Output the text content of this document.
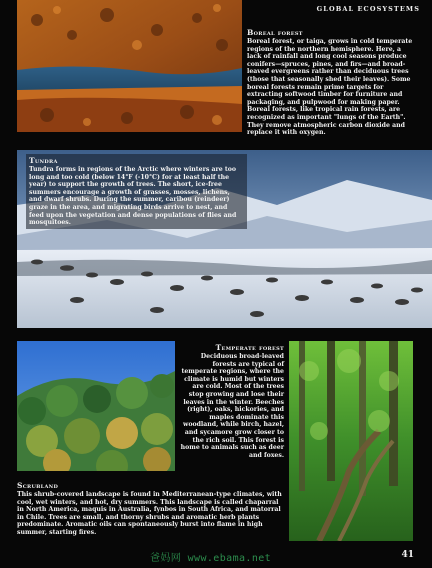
GLOBAL ECOSYSTEMS

Boreal forest

Boreal forest, or taiga, grows in cold temperate regions of the northern hemisphere. Here, a lack of rainfall and long cool seasons produce conifers—spruces, pines, and firs—and broad-leaved evergreens rather than deciduous trees (those that seasonally shed their leaves). Some boreal forests remain prime targets for extracting softwood timber for furniture and packaging, and pulpwood for making paper. Boreal forests, like tropical rain forests, are recognized as important "lungs of the Earth". They remove atmospheric carbon dioxide and replace it with oxygen.

Tundra

Tundra forms in regions of the Arctic where winters are too long and too cold (below 14°F (-10°C) for at least half the year) to support the growth of trees. The short, ice-free summers encourage a growth of grasses, mosses, lichens, and dwarf shrubs. During the summer, caribou (reindeer) graze in the area, and migrating birds arrive to nest, and feed upon the vegetation and dense populations of flies and mosquitoes.

Temperate forest

Deciduous broad-leaved forests are typical of temperate regions, where the climate is humid but winters are cold. Most of the trees stop growing and lose their leaves in the winter. Beeches (right), oaks, hickories, and maples dominate this woodland, while birch, hazel, and sycamore grow closer to the rich soil. This forest is home to animals such as deer and foxes.

Scrubland

This shrub-covered landscape is found in Mediterranean-type climates, with cool, wet winters, and hot, dry summers. This landscape is called chaparral in North America, maquis in Australia, fynbos in South Africa, and matorral in Chile. Trees are small, and thorny shrubs and aromatic herb plants predominate. Aromatic oils can spontaneously burst into flame in high summer, starting fires.

爸妈网 www.ebama.net	41
